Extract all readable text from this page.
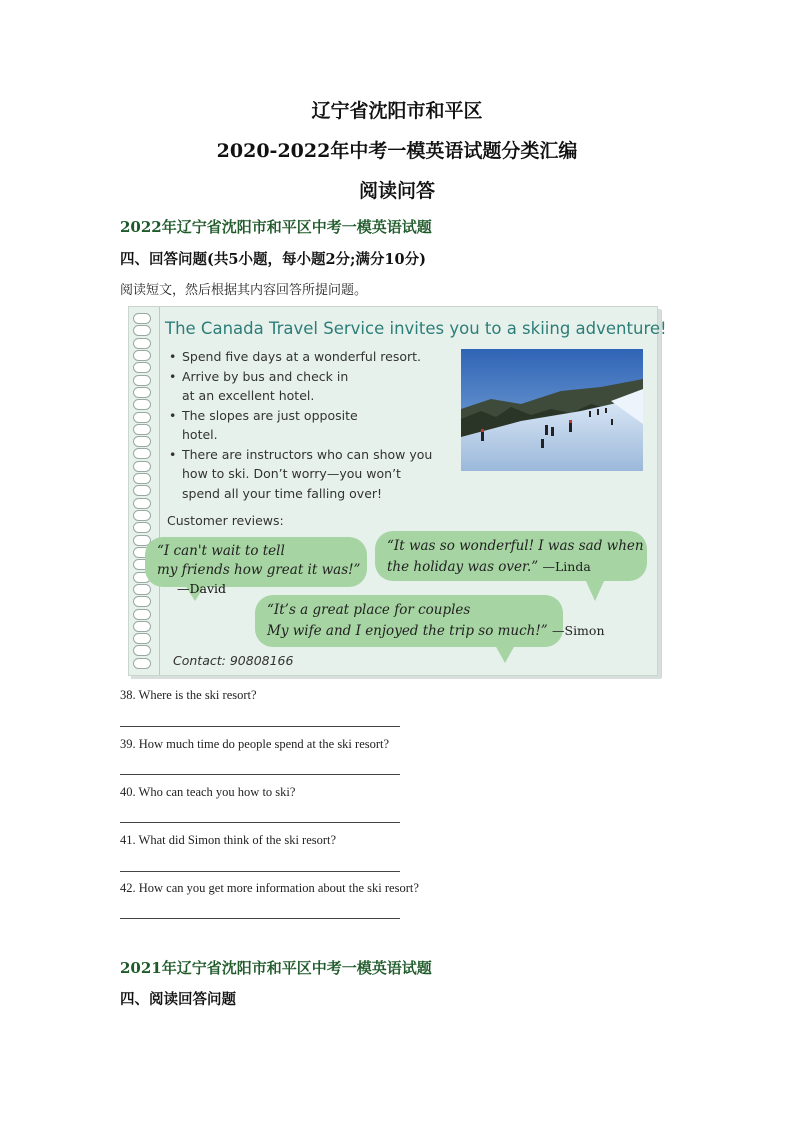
辽宁省沈阳市和平区
2020-2022年中考一模英语试题分类汇编
阅读问答
2022年辽宁省沈阳市和平区中考一模英语试题
四、回答问题(共5小题，每小题2分;满分10分)
阅读短文，然后根据其内容回答所提问题。
The Canada Travel Service invites you to a skiing adventure!
• Spend five days at a wonderful resort.
• Arrive by bus and check in
at an excellent hotel.
• The slopes are just opposite
hotel.
• There are instructors who can show you
how to ski. Don’t worry—you won’t
spend all your time falling over!
Customer reviews:
“I can't wait to tell
my friends how great it was!”
—David
“It was so wonderful! I was sad when
the holiday was over.” —Linda
“It’s a great place for couples
My wife and I enjoyed the trip so much!” —Simon
Contact: 90808166
38. Where is the ski resort?
39. How much time do people spend at the ski resort?
40. Who can teach you how to ski?
41. What did Simon think of the ski resort?
42. How can you get more information about the ski resort?
2021年辽宁省沈阳市和平区中考一模英语试题
四、阅读回答问题
